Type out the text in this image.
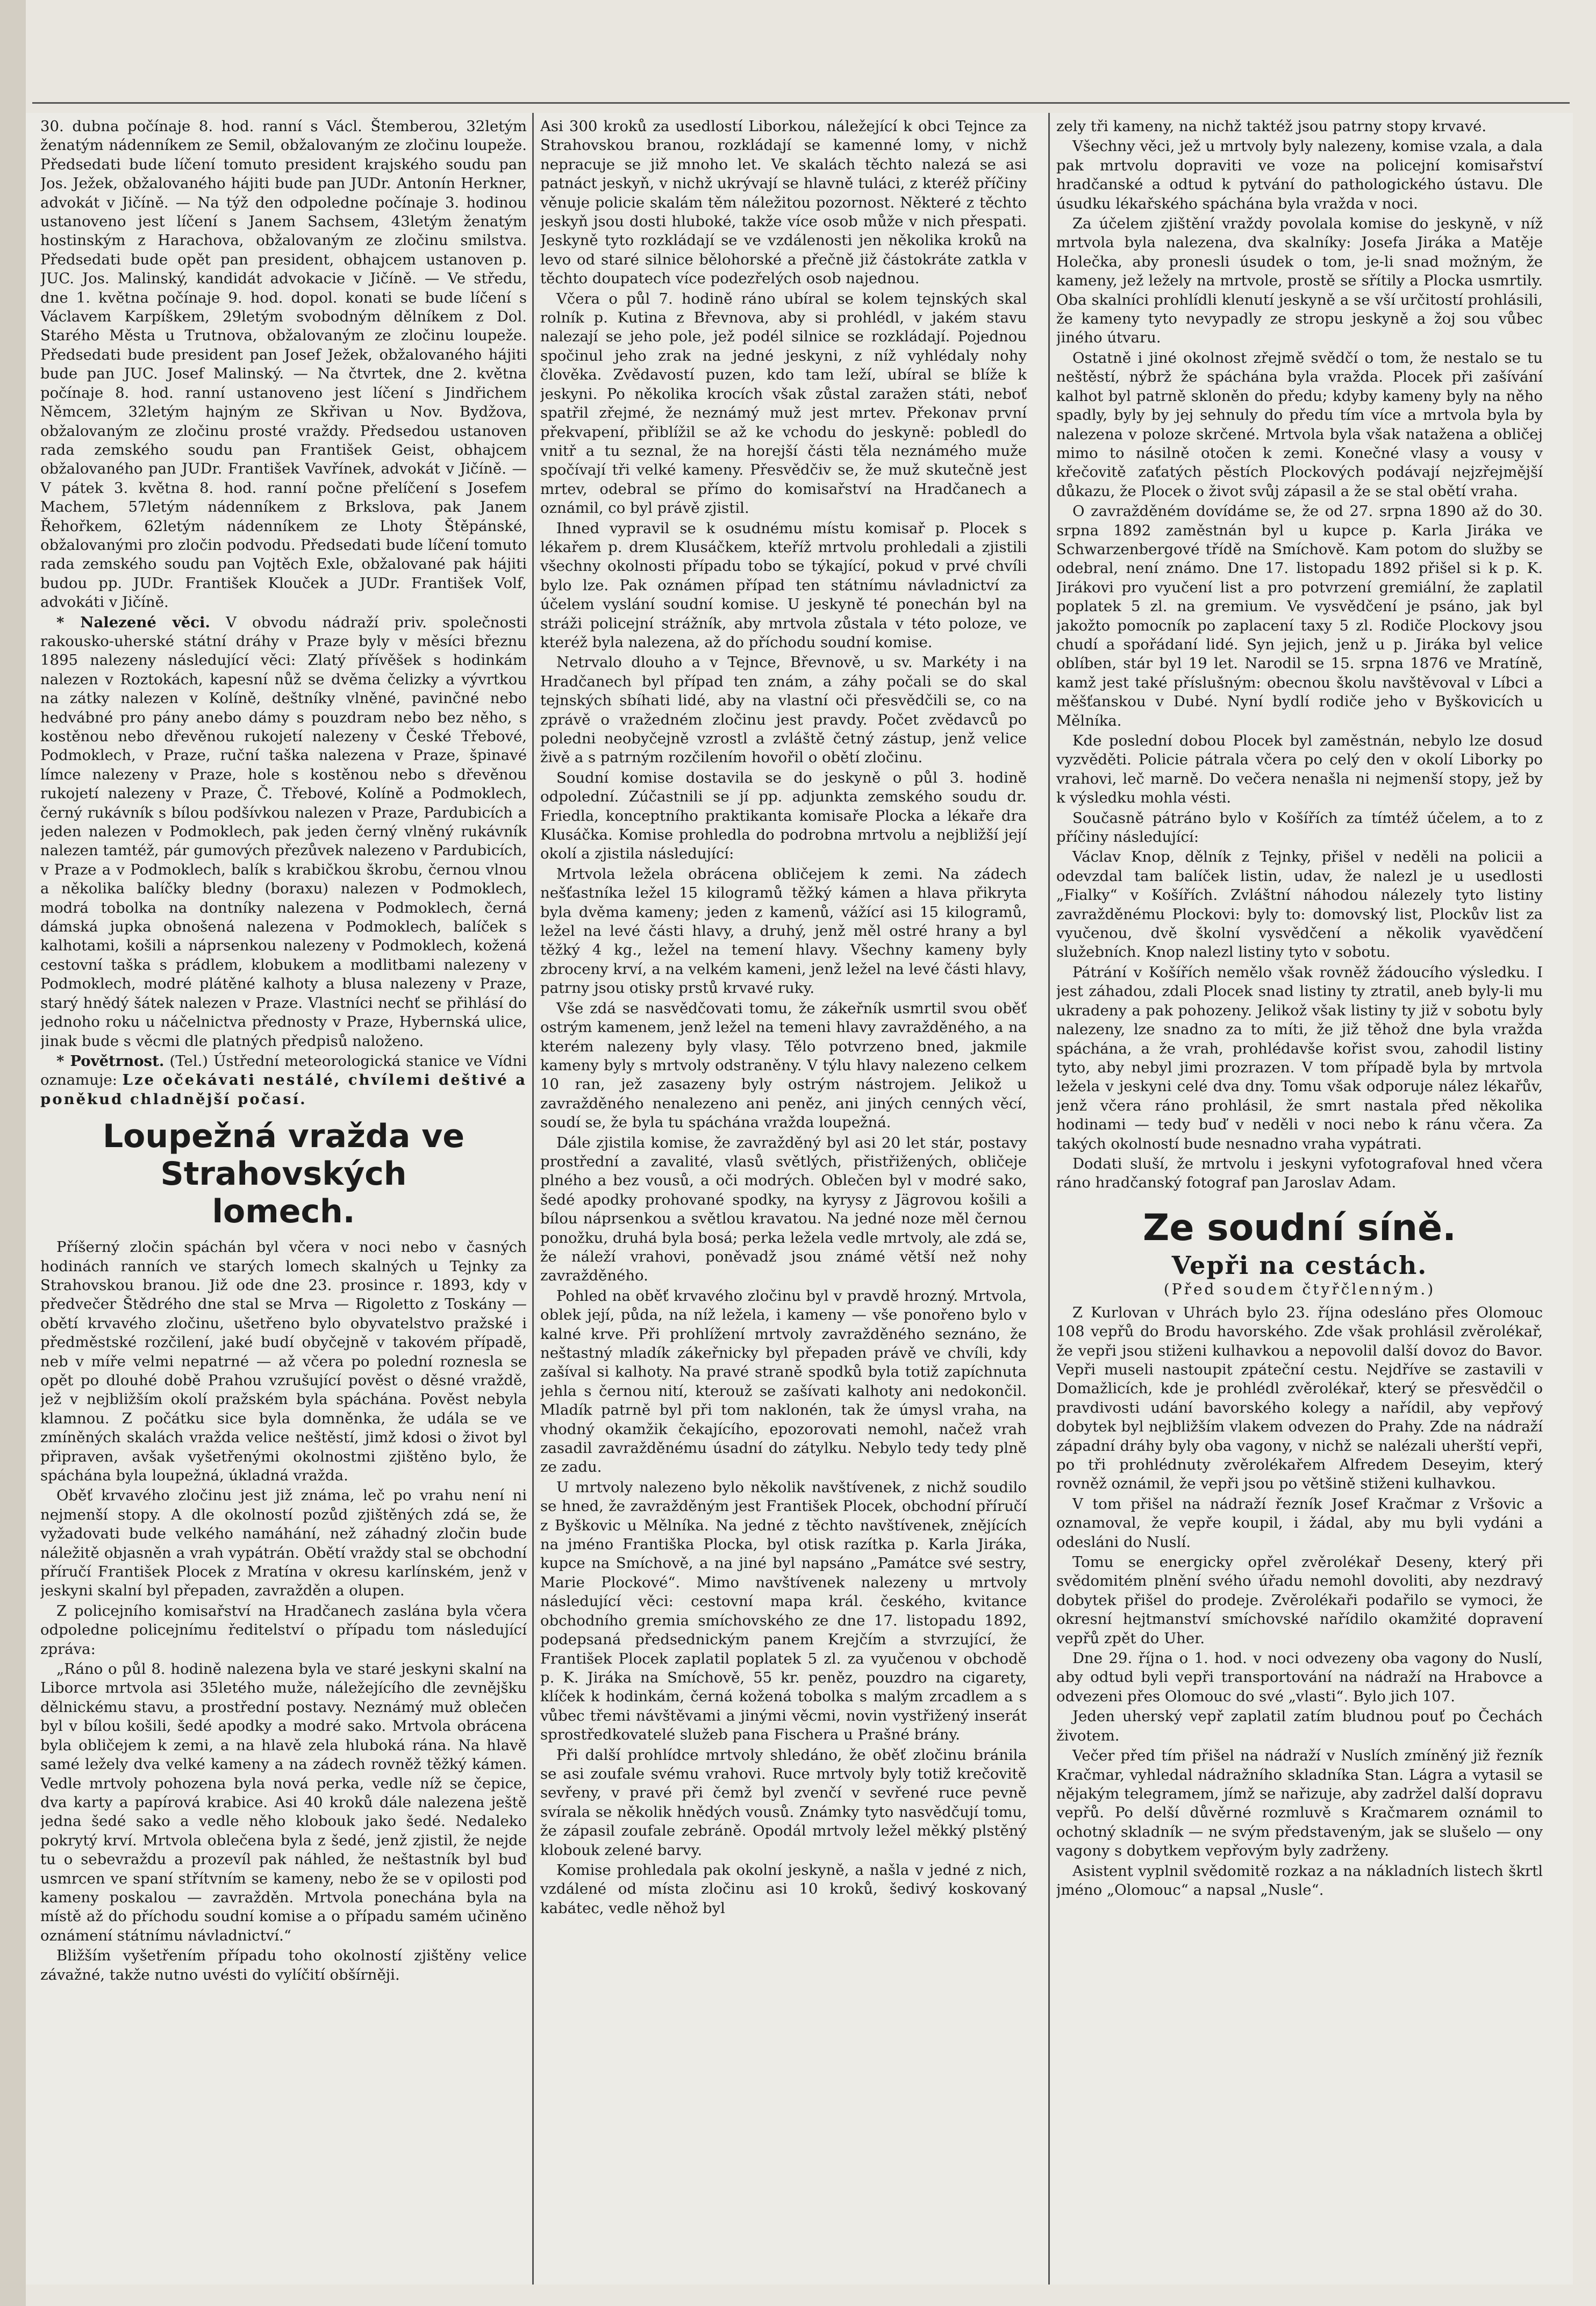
30. dubna počínaje 8. hod. ranní s Václ. Štemberou, 32letým ženatým nádenníkem ze Semil, obžalovaným ze zločinu loupeže. Předsedati bude líčení tomuto president krajského soudu pan Jos. Ježek, obžalovaného hájiti bude pan JUDr. Antonín Herkner, advokát v Jičíně. — Na týž den odpoledne počínaje 3. hodinou ustanoveno jest líčení s Janem Sachsem, 43letým ženatým hostinským z Harachova, obžalovaným ze zločinu smilstva. Předsedati bude opět pan president, obhajcem ustanoven p. JUC. Jos. Malinský, kandidát advokacie v Jičíně. — Ve středu, dne 1. května počínaje 9. hod. dopol. konati se bude líčení s Václavem Karpíškem, 29letým svobodným dělníkem z Dol. Starého Města u Trutnova, obžalovaným ze zločinu loupeže. Předsedati bude president pan Josef Ježek, obžalovaného hájiti bude pan JUC. Josef Malinský. — Na čtvrtek, dne 2. května počínaje 8. hod. ranní ustanoveno jest líčení s Jindřichem Němcem, 32letým hajným ze Skřivan u Nov. Bydžova, obžalovaným ze zločinu prosté vraždy. Předsedou ustanoven rada zemského soudu pan František Geist, obhajcem obžalovaného pan JUDr. František Vavřínek, advokát v Jičíně. — V pátek 3. května 8. hod. ranní počne přelíčení s Josefem Machem, 57letým nádenníkem z Brkslova, pak Janem Řehořkem, 62letým nádenníkem ze Lhoty Štěpánské, obžalovanými pro zločin podvodu. Předsedati bude líčení tomuto rada zemského soudu pan Vojtěch Exle, obžalované pak hájiti budou pp. JUDr. František Klouček a JUDr. František Volf, advokáti v Jičíně.

* Nalezené věci. V obvodu nádraží priv. společnosti rakousko-uherské státní dráhy v Praze byly v měsíci březnu 1895 nalezeny následující věci: Zlatý přívěšek s hodinkám nalezen v Roztokách, kapesní nůž se dvěma čelizky a vývrtkou na zátky nalezen v Kolíně, deštníky vlněné, pavinčné nebo hedvábné pro pány anebo dámy s pouzdram nebo bez něho, s kostěnou nebo dřevěnou rukojetí nalezeny v České Třebové, Podmoklech, v Praze, ruční taška nalezena v Praze, špinavé límce nalezeny v Praze, hole s kostěnou nebo s dřevěnou rukojetí nalezeny v Praze, Č. Třebové, Kolíně a Podmoklech, černý rukávník s bílou podšívkou nalezen v Praze, Pardubicích a jeden nalezen v Podmoklech, pak jeden černý vlněný rukávník nalezen tamtéž, pár gumových přezůvek nalezeno v Pardubicích, v Praze a v Podmoklech, balík s krabičkou škrobu, černou vlnou a několika balíčky bledny (boraxu) nalezen v Podmoklech, modrá tobolka na dontníky nalezena v Podmoklech, černá dámská jupka obnošená nalezena v Podmoklech, balíček s kalhotami, košili a náprsenkou nalezeny v Podmoklech, kožená cestovní taška s prádlem, klobukem a modlitbami nalezeny v Podmoklech, modré plátěné kalhoty a blusa nalezeny v Praze, starý hnědý šátek nalezen v Praze. Vlastníci nechť se přihlásí do jednoho roku u náčelnictva přednosty v Praze, Hybernská ulice, jinak bude s věcmi dle platných předpisů naloženo.

* Povětrnost. (Tel.) Ústřední meteorologická stanice ve Vídni oznamuje: Lze očekávati nestálé, chvílemi deštivé a poněkud chladnější počasí.

Loupežná vražda ve Strahovských
lomech.

Příšerný zločin spáchán byl včera v noci nebo v časných hodinách ranních ve starých lomech skalných u Tejnky za Strahovskou branou. Již ode dne 23. prosince r. 1893, kdy v předvečer Štědrého dne stal se Mrva — Rigoletto z Toskány — obětí krvavého zločinu, ušetřeno bylo obyvatelstvo pražské i předměstské rozčilení, jaké budí obyčejně v takovém případě, neb v míře velmi nepatrné — až včera po polední roznesla se opět po dlouhé době Prahou vzrušující pověst o děsné vraždě, jež v nejbližším okolí pražském byla spáchána. Pověst nebyla klamnou. Z počátku sice byla domněnka, že udála se ve zmíněných skalách vražda velice neštěstí, jimž kdosi o život byl připraven, avšak vyšetřenými okolnostmi zjištěno bylo, že spáchána byla loupežná, úkladná vražda.

Oběť krvavého zločinu jest již známa, leč po vrahu není ni nejmenší stopy. A dle okolností pozůd zjištěných zdá se, že vyžadovati bude velkého namáhání, než záhadný zločin bude náležitě objasněn a vrah vypátrán. Obětí vraždy stal se obchodní příručí František Plocek z Mratína v okresu karlínském, jenž v jeskyni skalní byl přepaden, zavražděn a olupen.

Z policejního komisařství na Hradčanech zaslána byla včera odpoledne policejnímu ředitelství o případu tom následující zpráva:

„Ráno o půl 8. hodině nalezena byla ve staré jeskyni skalní na Liborce mrtvola asi 35letého muže, náležejícího dle zevnějšku dělnickému stavu, a prostřední postavy. Neznámý muž oblečen byl v bílou košili, šedé apodky a modré sako. Mrtvola obrácena byla obličejem k zemi, a na hlavě zela hluboká rána. Na hlavě samé ležely dva velké kameny a na zádech rovněž těžký kámen. Vedle mrtvoly pohozena byla nová perka, vedle níž se čepice, dva karty a papírová krabice. Asi 40 kroků dále nalezena ještě jedna šedé sako a vedle něho klobouk jako šedé. Nedaleko pokrytý krví. Mrtvola oblečena byla z šedé, jenž zjistil, že nejde tu o sebevraždu a prozevíl pak náhled, že neštastník byl buď usmrcen ve spaní střítvním se kameny, nebo že se v opilosti pod kameny poskalou — zavražděn. Mrtvola ponechána byla na místě až do příchodu soudní komise a o případu samém učiněno oznámení státnímu návladnictví.“

Bližším vyšetřením případu toho okolností zjištěny velice závažné, takže nutno uvésti do vylíčití obšírněji.

Asi 300 kroků za usedlostí Liborkou, náležející k obci Tejnce za Strahovskou branou, rozkládají se kamenné lomy, v nichž nepracuje se již mnoho let. Ve skalách těchto nalezá se asi patnáct jeskyň, v nichž ukrývají se hlavně tuláci, z kteréž příčiny věnuje policie skalám těm náležitou pozornost. Některé z těchto jeskyň jsou dosti hluboké, takže více osob může v nich přespati. Jeskyně tyto rozkládají se ve vzdálenosti jen několika kroků na levo od staré silnice bělohorské a přečně již částokráte zatkla v těchto doupatech více podezřelých osob najednou.

Včera o půl 7. hodině ráno ubíral se kolem tejnských skal rolník p. Kutina z Břevnova, aby si prohlédl, v jakém stavu nalezají se jeho pole, jež podél silnice se rozkládají. Pojednou spočinul jeho zrak na jedné jeskyni, z níž vyhlédaly nohy člověka. Zvědavostí puzen, kdo tam leží, ubíral se blíže k jeskyni. Po několika krocích však zůstal zaražen státi, neboť spatřil zřejmé, že neznámý muž jest mrtev. Překonav první překvapení, přiblížil se až ke vchodu do jeskyně: pobledl do vnitř a tu seznal, že na horejší části těla neznámého muže spočívají tři velké kameny. Přesvědčiv se, že muž skutečně jest mrtev, odebral se přímo do komisařství na Hradčanech a oznámil, co byl právě zjistil.

Ihned vypravil se k osudnému místu komisař p. Plocek s lékařem p. drem Klusáčkem, kteříž mrtvolu prohledali a zjistili všechny okolnosti případu tobo se týkající, pokud v prvé chvíli bylo lze. Pak oznámen případ ten státnímu návladnictví za účelem vyslání soudní komise. U jeskyně té ponechán byl na stráži policejní strážník, aby mrtvola zůstala v této poloze, ve kteréž byla nalezena, až do příchodu soudní komise.

Netrvalo dlouho a v Tejnce, Břevnově, u sv. Markéty i na Hradčanech byl případ ten znám, a záhy počali se do skal tejnských sbíhati lidé, aby na vlastní oči přesvědčili se, co na zprávě o vražedném zločinu jest pravdy. Počet zvědavců po poledni neobyčejně vzrostl a zvláště četný zástup, jenž velice živě a s patrným rozčilením hovořil o obětí zločinu.

Soudní komise dostavila se do jeskyně o půl 3. hodině odpolední. Zúčastnili se jí pp. adjunkta zemského soudu dr. Friedla, konceptního praktikanta komisaře Plocka a lékaře dra Klusáčka. Komise prohledla do podrobna mrtvolu a nejbližší její okolí a zjistila následující:

Mrtvola ležela obrácena obličejem k zemi. Na zádech nešťastníka ležel 15 kilogramů těžký kámen a hlava přikryta byla dvěma kameny; jeden z kamenů, vážící asi 15 kilogramů, ležel na levé části hlavy, a druhý, jenž měl ostré hrany a byl těžký 4 kg., ležel na temení hlavy. Všechny kameny byly zbroceny krví, a na velkém kameni, jenž ležel na levé části hlavy, patrny jsou otisky prstů krvavé ruky.

Vše zdá se nasvědčovati tomu, že zákeřník usmrtil svou oběť ostrým kamenem, jenž ležel na temeni hlavy zavražděného, a na kterém nalezeny byly vlasy. Tělo potvrzeno bned, jakmile kameny byly s mrtvoly odstraněny. V týlu hlavy nalezeno celkem 10 ran, jež zasazeny byly ostrým nástrojem. Jelikož u zavražděného nenalezeno ani peněz, ani jiných cenných věcí, soudí se, že byla tu spáchána vražda loupežná.

Dále zjistila komise, že zavražděný byl asi 20 let stár, postavy prostřední a zavalité, vlasů světlých, přistřižených, obličeje plného a bez vousů, a oči modrých. Oblečen byl v modré sako, šedé apodky prohované spodky, na kyrysy z Jägrovou košili a bílou náprsenkou a světlou kravatou. Na jedné noze měl černou ponožku, druhá byla bosá; perka ležela vedle mrtvoly, ale zdá se, že náleží vrahovi, poněvadž jsou známé větší než nohy zavražděného.

Pohled na oběť krvavého zločinu byl v pravdě hrozný. Mrtvola, oblek její, půda, na níž ležela, i kameny — vše ponořeno bylo v kalné krve. Při prohlížení mrtvoly zavražděného seznáno, že neštastný mladík zákeřnicky byl přepaden právě ve chvíli, kdy zašíval si kalhoty. Na pravé straně spodků byla totiž zapíchnuta jehla s černou nití, kterouž se zašívati kalhoty ani nedokončil. Mladík patrně byl při tom naklonén, tak že úmysl vraha, na vhodný okamžik čekajícího, epozorovati nemohl, načež vrah zasadil zavražděnému úsadní do zátylku. Nebylo tedy tedy plně ze zadu.

U mrtvoly nalezeno bylo několik navštívenek, z nichž soudilo se hned, že zavražděným jest František Plocek, obchodní příručí z Byškovic u Mělníka. Na jedné z těchto navštívenek, znějících na jméno Františka Plocka, byl otisk razítka p. Karla Jiráka, kupce na Smíchově, a na jiné byl napsáno „Památce své sestry, Marie Plockové“. Mimo navštívenek nalezeny u mrtvoly následující věci: cestovní mapa král. českého, kvitance obchodního gremia smíchovského ze dne 17. listopadu 1892, podepsaná předsednickým panem Krejčím a stvrzující, že František Plocek zaplatil poplatek 5 zl. za vyučenou v obchodě p. K. Jiráka na Smíchově, 55 kr. peněz, pouzdro na cigarety, klíček k hodinkám, černá kožená tobolka s malým zrcadlem a s vůbec třemi návštěvami a jinými věcmi, novin vystřižený inserát sprostředkovatelé služeb pana Fischera u Prašné brány.

Při další prohlídce mrtvoly shledáno, že oběť zločinu bránila se asi zoufale svému vrahovi. Ruce mrtvoly byly totiž krečovitě sevřeny, v pravé při čemž byl zvenčí v sevřené ruce pevně svírala se několik hnědých vousů. Známky tyto nasvědčují tomu, že zápasil zoufale zebráně. Opodál mrtvoly ležel měkký plstěný klobouk zelené barvy.

Komise prohledala pak okolní jeskyně, a našla v jedné z nich, vzdálené od místa zločinu asi 10 kroků, šedivý koskovaný kabátec, vedle něhož byl

zely tři kameny, na nichž taktéž jsou patrny stopy krvavé.

Všechny věci, jež u mrtvoly byly nalezeny, komise vzala, a dala pak mrtvolu dopraviti ve voze na policejní komisařství hradčanské a odtud k pytvání do pathologického ústavu. Dle úsudku lékařského spáchána byla vražda v noci.

Za účelem zjištění vraždy povolala komise do jeskyně, v níž mrtvola byla nalezena, dva skalníky: Josefa Jiráka a Matěje Holečka, aby pronesli úsudek o tom, je-li snad možným, že kameny, jež ležely na mrtvole, prostě se sřítily a Plocka usmrtily. Oba skalníci prohlídli klenutí jeskyně a se vší určitostí prohlásili, že kameny tyto nevypadly ze stropu jeskyně a žoj sou vůbec jiného útvaru.

Ostatně i jiné okolnost zřejmě svědčí o tom, že nestalo se tu neštěstí, nýbrž že spáchána byla vražda. Plocek při zašívání kalhot byl patrně skloněn do předu; kdyby kameny byly na něho spadly, byly by jej sehnuly do předu tím více a mrtvola byla by nalezena v poloze skrčené. Mrtvola byla však natažena a obličej mimo to násilně otočen k zemi. Konečné vlasy a vousy v křečovitě zaťatých pěstích Plockových podávají nejzřejmější důkazu, že Plocek o život svůj zápasil a že se stal obětí vraha.

O zavražděném dovídáme se, že od 27. srpna 1890 až do 30. srpna 1892 zaměstnán byl u kupce p. Karla Jiráka ve Schwarzenbergové třídě na Smíchově. Kam potom do služby se odebral, není známo. Dne 17. listopadu 1892 přišel si k p. K. Jirákovi pro vyučení list a pro potvrzení gremiální, že zaplatil poplatek 5 zl. na gremium. Ve vysvědčení je psáno, jak byl jakožto pomocník po zaplacení taxy 5 zl. Rodiče Plockovy jsou chudí a spořádaní lidé. Syn jejich, jenž u p. Jiráka byl velice oblíben, stár byl 19 let. Narodil se 15. srpna 1876 ve Mratíně, kamž jest také příslušným: obecnou školu navštěvoval v Líbci a měšťanskou v Dubé. Nyní bydlí rodiče jeho v Byškovicích u Mělníka.

Kde poslední dobou Plocek byl zaměstnán, nebylo lze dosud vyzvěděti. Policie pátrala včera po celý den v okolí Liborky po vrahovi, leč marně. Do večera nenašla ni nejmenší stopy, jež by k výsledku mohla vésti.

Současně pátráno bylo v Košířích za tímtéž účelem, a to z příčiny následující:

Václav Knop, dělník z Tejnky, přišel v neděli na policii a odevzdal tam balíček listin, udav, že nalezl je u usedlosti „Fialky“ v Košířích. Zvláštní náhodou nálezely tyto listiny zavražděnému Plockovi: byly to: domovský list, Plockův list za vyučenou, dvě školní vysvědčení a několik vyavědčení služebních. Knop nalezl listiny tyto v sobotu.

Pátrání v Košířích nemělo však rovněž žádoucího výsledku. I jest záhadou, zdali Plocek snad listiny ty ztratil, aneb byly-li mu ukradeny a pak pohozeny. Jelikož však listiny ty již v sobotu byly nalezeny, lze snadno za to míti, že již těhož dne byla vražda spáchána, a že vrah, prohlédavše kořist svou, zahodil listiny tyto, aby nebyl jimi prozrazen. V tom případě byla by mrtvola ležela v jeskyni celé dva dny. Tomu však odporuje nález lékařův, jenž včera ráno prohlásil, že smrt nastala před několika hodinami — tedy buď v neděli v noci nebo k ránu včera. Za takých okolností bude nesnadno vraha vypátrati.

Dodati sluší, že mrtvolu i jeskyni vyfotografoval hned včera ráno hradčanský fotograf pan Jaroslav Adam.

Ze soudní síně.
Vepři na cestách.
(Před soudem čtyřčlenným.)

Z Kurlovan v Uhrách bylo 23. října odesláno přes Olomouc 108 vepřů do Brodu havorského. Zde však prohlásil zvěrolékař, že vepři jsou stiženi kulhavkou a nepovolil další dovoz do Bavor. Vepři museli nastoupit zpáteční cestu. Nejdříve se zastavili v Domažlicích, kde je prohlédl zvěrolékař, který se přesvědčil o pravdivosti udání bavorského kolegy a nařídil, aby vepřový dobytek byl nejbližším vlakem odvezen do Prahy. Zde na nádraží západní dráhy byly oba vagony, v nichž se nalézali uherští vepři, po tři prohlédnuty zvěrolékařem Alfredem Deseyim, který rovněž oznámil, že vepři jsou po většině stiženi kulhavkou.

V tom přišel na nádraží řezník Josef Kračmar z Vršovic a oznamoval, že vepře koupil, i žádal, aby mu byli vydáni a odesláni do Nuslí.

Tomu se energicky opřel zvěrolékař Deseny, který při svědomitém plnění svého úřadu nemohl dovoliti, aby nezdravý dobytek přišel do prodeje. Zvěrolékaři podařilo se vymoci, že okresní hejtmanství smíchovské nařídilo okamžité dopravení vepřů zpět do Uher.

Dne 29. října o 1. hod. v noci odvezeny oba vagony do Nuslí, aby odtud byli vepři transportování na nádraží na Hrabovce a odvezeni přes Olomouc do své „vlasti“. Bylo jich 107.

Jeden uherský vepř zaplatil zatím bludnou pouť po Čechách životem.

Večer před tím přišel na nádraží v Nuslích zmíněný již řezník Kračmar, vyhledal nádražního skladníka Stan. Lágra a vytasil se nějakým telegramem, jímž se nařizuje, aby zadržel další dopravu vepřů. Po delší důvěrné rozmluvě s Kračmarem oznámil to ochotný skladník — ne svým představeným, jak se slušelo — ony vagony s dobytkem vepřovým byly zadrženy.

Asistent vyplnil svědomitě rozkaz a na nákladních listech škrtl jméno „Olomouc“ a napsal „Nusle“.
